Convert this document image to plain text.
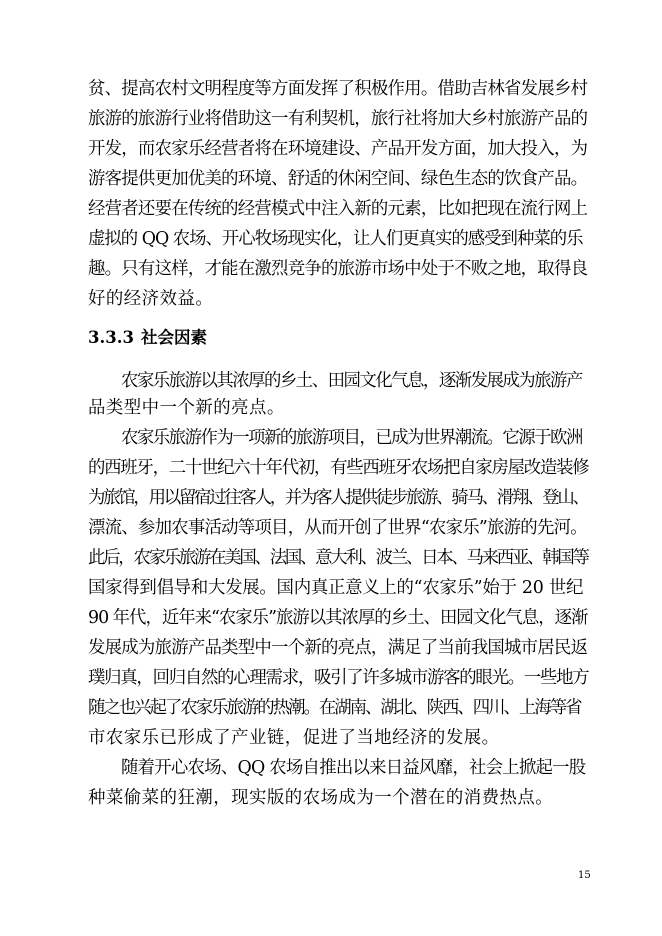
贫、提高农村文明程度等方面发挥了积极作用。借助吉林省发展乡村
旅游的旅游行业将借助这一有利契机，旅行社将加大乡村旅游产品的
开发，而农家乐经营者将在环境建设、产品开发方面，加大投入，为
游客提供更加优美的环境、舒适的休闲空间、绿色生态的饮食产品。
经营者还要在传统的经营模式中注入新的元素，比如把现在流行网上
虚拟的 QQ 农场、开心牧场现实化，让人们更真实的感受到种菜的乐
趣。只有这样，才能在激烈竞争的旅游市场中处于不败之地，取得良
好的经济效益。
3.3.3 社会因素
农家乐旅游以其浓厚的乡土、田园文化气息，逐渐发展成为旅游产
品类型中一个新的亮点。
农家乐旅游作为一项新的旅游项目，已成为世界潮流。它源于欧洲
的西班牙，二十世纪六十年代初，有些西班牙农场把自家房屋改造装修
为旅馆，用以留宿过往客人，并为客人提供徒步旅游、骑马、滑翔、登山、
漂流、参加农事活动等项目，从而开创了世界“农家乐”旅游的先河。
此后，农家乐旅游在美国、法国、意大利、波兰、日本、马来西亚、韩国等
国家得到倡导和大发展。国内真正意义上的“农家乐”始于 20 世纪
90 年代，近年来“农家乐”旅游以其浓厚的乡土、田园文化气息，逐渐
发展成为旅游产品类型中一个新的亮点，满足了当前我国城市居民返
璞归真，回归自然的心理需求，吸引了许多城市游客的眼光。一些地方
随之也兴起了农家乐旅游的热潮。在湖南、湖北、陕西、四川、上海等省
市农家乐已形成了产业链，促进了当地经济的发展。
随着开心农场、QQ 农场自推出以来日益风靡，社会上掀起一股
种菜偷菜的狂潮，现实版的农场成为一个潜在的消费热点。
15
